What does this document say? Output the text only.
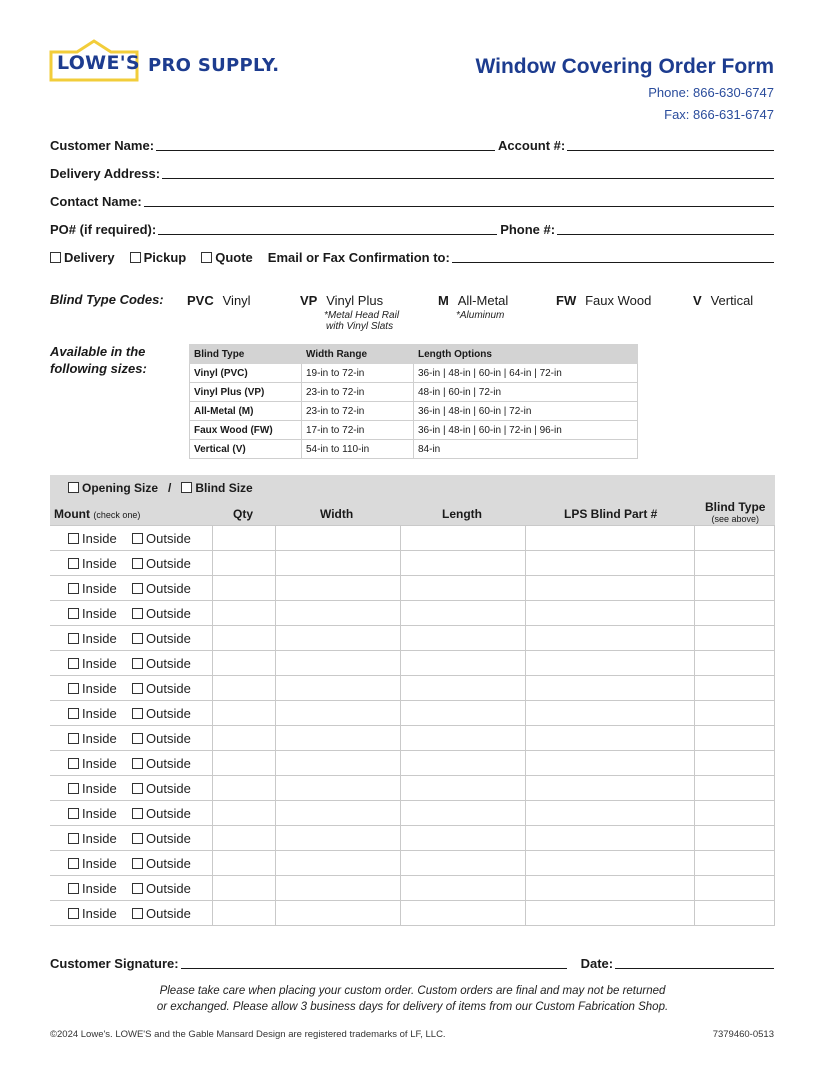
LOWE'S PRO SUPPLY.	Window Covering Order Form
Phone: 866-630-6747
Fax: 866-631-6747
Customer Name:	Account #:
Delivery Address:
Contact Name:
PO# (if required):	Phone #:
Delivery	Pickup	Quote Email or Fax Confirmation to:
Blind Type Codes: PVC Vinyl	VP Vinyl Plus
*Metal Head Rail
with Vinyl Slats
M All-Metal
*Aluminum
FW Faux Wood	V Vertical
Available in the
following sizes:
Blind Type	Width Range	Length Options
Vinyl (PVC)	19-in to 72-in	36-in | 48-in | 60-in | 64-in | 72-in
Vinyl Plus (VP)	23-in to 72-in	48-in | 60-in | 72-in
All-Metal (M)	23-in to 72-in	36-in | 48-in | 60-in | 72-in
Faux Wood (FW)	17-in to 72-in	36-in | 48-in | 60-in | 72-in | 96-in
Vertical (V)	54-in to 110-in	84-in
Opening Size / Blind Size
Mount (check one)	Qty	Width	Length	LPS Blind Part #	Blind Type
(see above)
Inside Outside					
Inside Outside					
Inside Outside					
Inside Outside					
Inside Outside					
Inside Outside					
Inside Outside					
Inside Outside					
Inside Outside					
Inside Outside					
Inside Outside					
Inside Outside					
Inside Outside					
Inside Outside					
Inside Outside					
Inside Outside					
Customer Signature:	Date:
Please take care when placing your custom order. Custom orders are final and may not be returned
or exchanged. Please allow 3 business days for delivery of items from our Custom Fabrication Shop.
©2024 Lowe's. LOWE'S and the Gable Mansard Design are registered trademarks of LF, LLC.	7379460-0513
